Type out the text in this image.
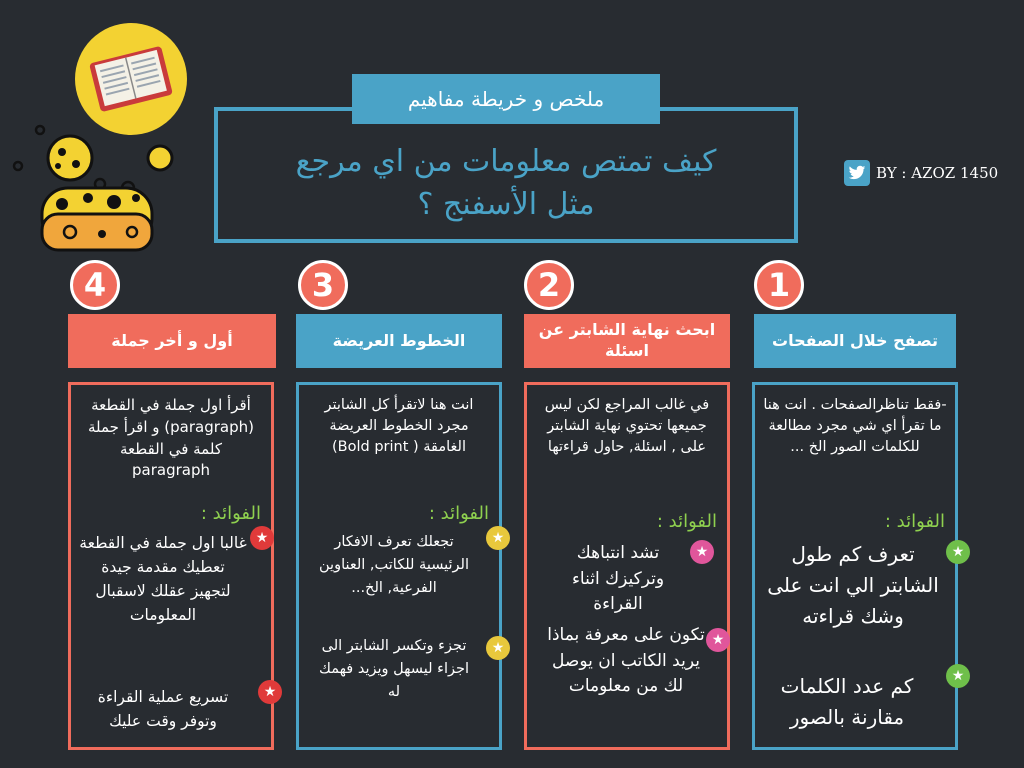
كيف تمتص معلومات من اي مرجع
مثل الأسفنج ؟
ملخص و خريطة مفاهيم
BY : AZOZ 1450
1
2
3
4
تصفح خلال الصفحات
ابحث نهاية الشابتر عن اسئلة
الخطوط العريضة
أول و أخر جملة
-فقط تناظرالصفحات . انت هنا ما تقرأ اي شي مجرد مطالعة للكلمات الصور الخ ...
الفوائد :
تعرف كم طول الشابتر الي انت على وشك قراءته
كم عدد الكلمات مقارنة بالصور
★
★
في غالب المراجع لكن ليس جميعها تحتوي نهاية الشابتر على , اسئلة, حاول قراءتها
الفوائد :
تشد انتباهك وتركيزك اثناء القراءة
تكون على معرفة بماذا يريد الكاتب ان يوصل لك من معلومات
★
★
انت هنا لاتقرأ كل الشابتر مجرد الخطوط العريضة الغامقة ( Bold print)
الفوائد :
تجعلك تعرف الافكار الرئيسية للكاتب, العناوين الفرعية, الخ...
تجزء وتكسر الشابتر الى اجزاء ليسهل ويزيد فهمك له
★
★
أقرأ اول جملة في القطعة (paragraph) و اقرأ جملة كلمة في القطعة paragraph
الفوائد :
غالبا اول جملة في القطعة تعطيك مقدمة جيدة لتجهيز عقلك لاسقبال المعلومات
تسريع عملية القراءة وتوفر وقت عليك
★
★
